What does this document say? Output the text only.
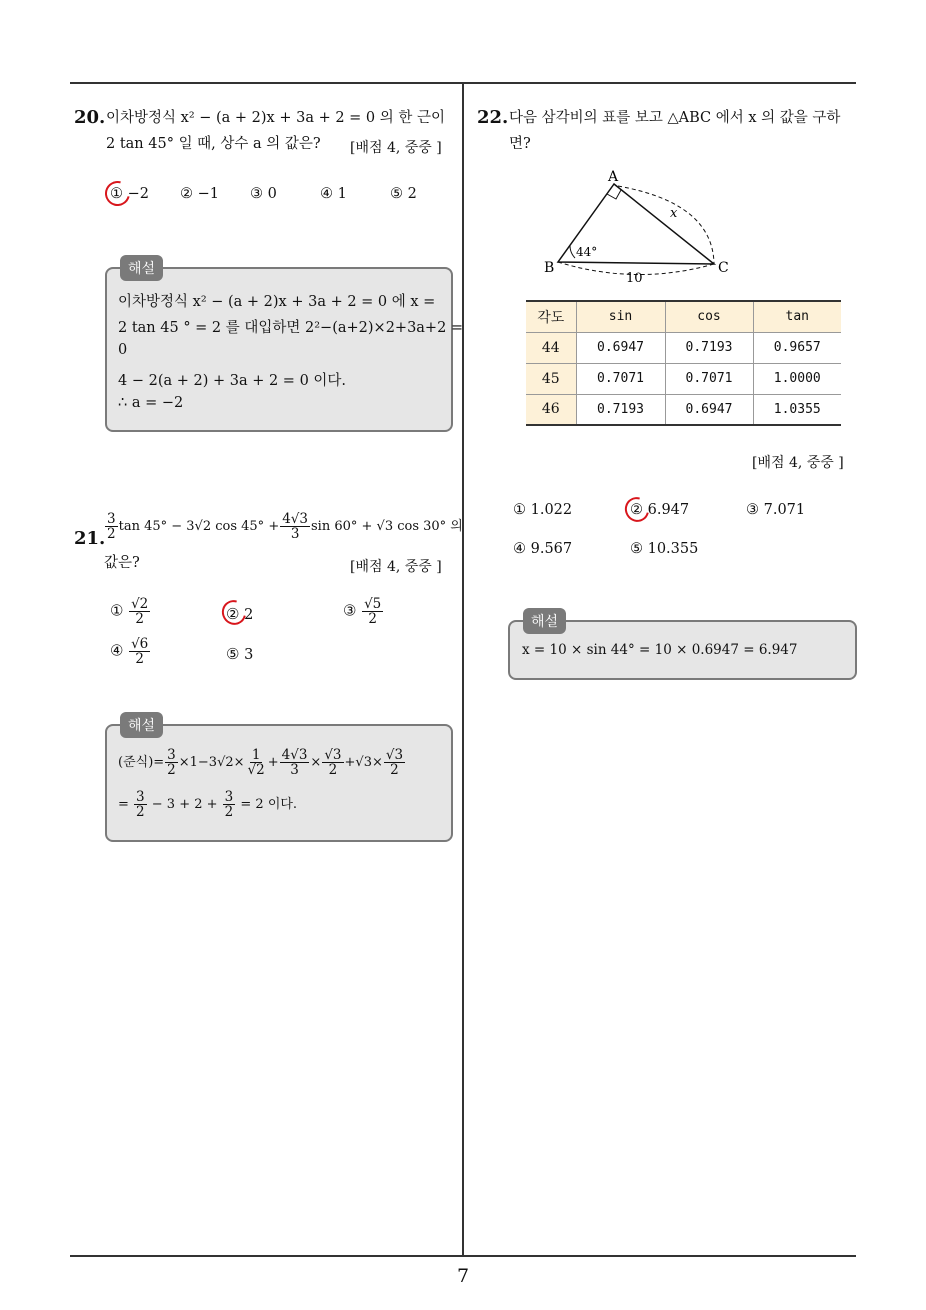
7
20. 이차방정식 x² − (a + 2)x + 3a + 2 = 0 의 한 근이
2 tan 45° 일 때, 상수 a 의 값은? [배점 4, 중중 ]
① −2 ② −1 ③ 0	④ 1	⑤ 2
해설
이차방정식 x² − (a + 2)x + 3a + 2 = 0 에 x =
2 tan 45 ° = 2 를 대입하면 2²−(a+2)×2+3a+2 =
0
4 − 2(a + 2) + 3a + 2 = 0 이다.
∴ a = −2
21. $\frac{3}{2}$ tan 45° − 3√2 $\cos 45^\circ + \frac{4√3}{3}$ sin 60° + √3 cos 30° 의
값은?	[배점 4, 중중 ]
① $\frac{√2}{2}$	② 2	③ $\frac{√5}{2}$
④ $\frac{√6}{2}$	⑤ 3
해설
(준식)= $\frac{3}{2} \times 1-3√2\times \frac{1}{√2} + \frac{4√3}{3} \times \frac{√3}{2} +√3\times \frac{√3}{2}$
= $\frac{3}{2} - 3 + 2 + \frac{3}{2} = 2$ 이다.
22. 다음 삼각비의 표를 보고 △ABC 에서 x 의 값을 구하
면?
A
B	C
44°
10
x
각도	sin	cos	tan
44	0.6947	0.7193	0.9657
45	0.7071	0.7071	1.0000
46	0.7193	0.6947	1.0355
[배점 4, 중중 ]
① 1.022	② 6.947	③ 7.071
④ 9.567	⑤ 10.355
해설
x = 10 × sin 44° = 10 × 0.6947 = 6.947
